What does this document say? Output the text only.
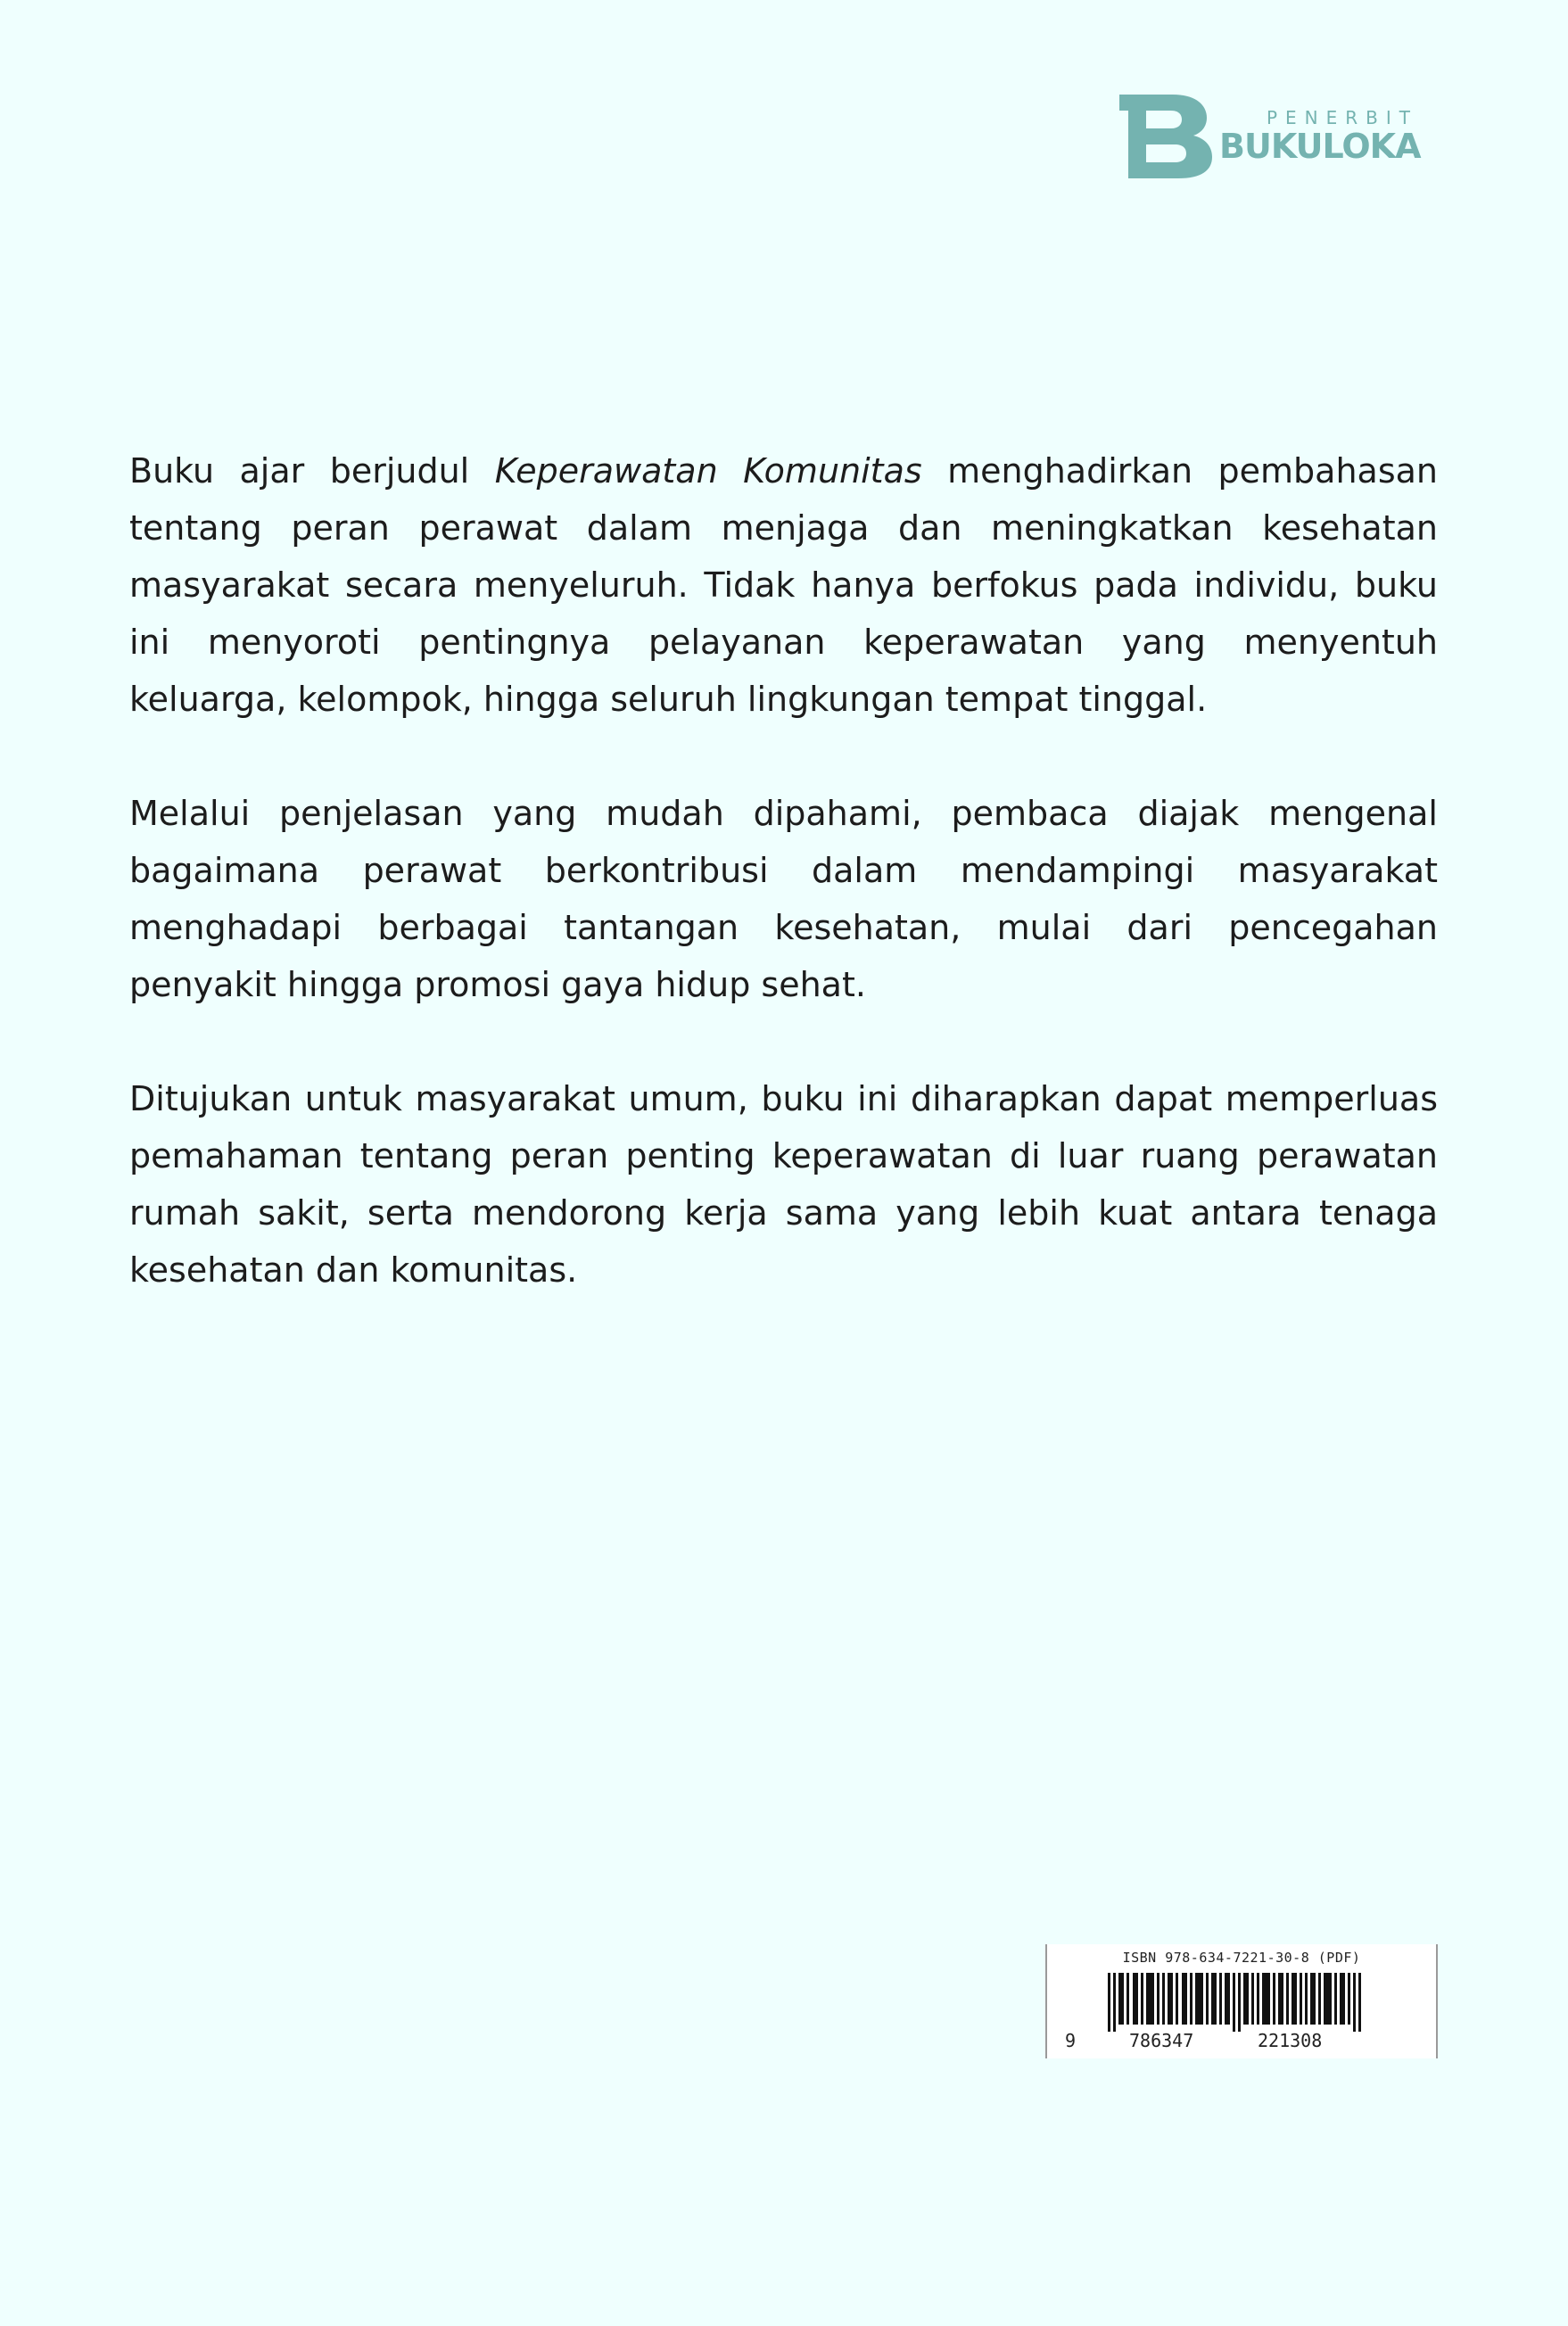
PENERBIT
BUKULOKA

Buku ajar berjudul Keperawatan Komunitas menghadirkan pembahasan tentang peran perawat dalam menjaga dan meningkatkan kesehatan masyarakat secara menyeluruh. Tidak hanya berfokus pada individu, buku ini menyoroti pentingnya pelayanan keperawatan yang menyentuh keluarga, kelompok, hingga seluruh lingkungan tempat tinggal.

Melalui penjelasan yang mudah dipahami, pembaca diajak mengenal bagaimana perawat berkontribusi dalam mendampingi masyarakat menghadapi berbagai tantangan kesehatan, mulai dari pencegahan penyakit hingga promosi gaya hidup sehat.

Ditujukan untuk masyarakat umum, buku ini diharapkan dapat memperluas pemahaman tentang peran penting keperawatan di luar ruang perawatan rumah sakit, serta mendorong kerja sama yang lebih kuat antara tenaga kesehatan dan komunitas.

ISBN 978-634-7221-30-8 (PDF)
9	786347	221308
